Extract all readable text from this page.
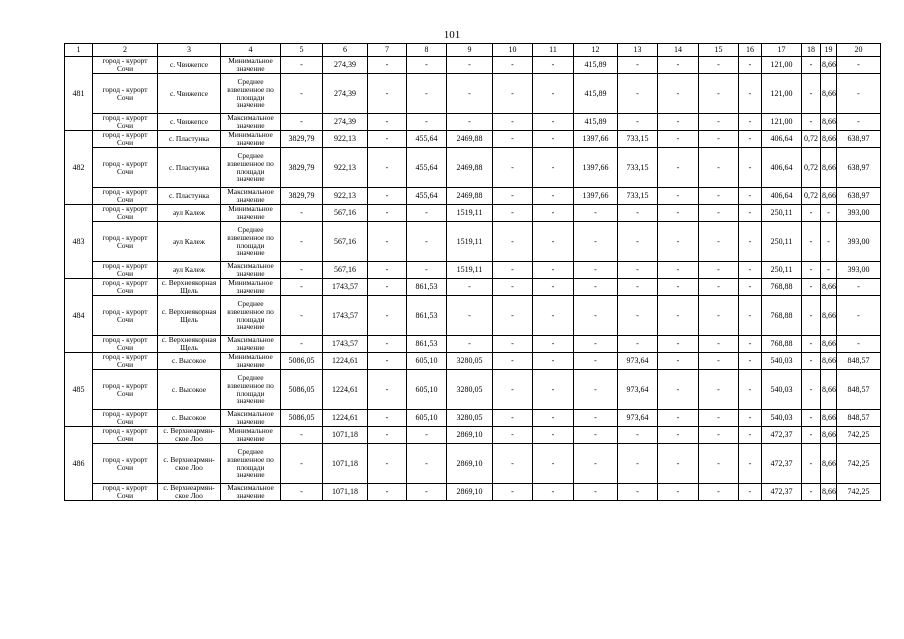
101
1	2	3	4	5	6	7	8	9	10	11	12	13	14	15	16	17	18	19	20
481	город - курорт Сочи	с. Чвижепсе	Минимальное значение	-	274,39	-	-	-	-	-	415,89	-	-	-	-	121,00	-	8,66	-
	город - курорт Сочи	с. Чвижепсе	Среднее взвешенное по площади значение	-	274,39	-	-	-	-	-	415,89	-	-	-	-	121,00	-	8,66	-
	город - курорт Сочи	с. Чвижепсе	Максимальное значение	-	274,39	-	-	-	-	-	415,89	-	-	-	-	121,00	-	8,66	-
482	город - курорт Сочи	с. Пластунка	Минимальное значение	3829,79	922,13	-	455,64	2469,88	-	-	1397,66	733,15	-	-	-	406,64	0,72	8,66	638,97
	город - курорт Сочи	с. Пластунка	Среднее взвешенное по площади значение	3829,79	922,13	-	455,64	2469,88	-	-	1397,66	733,15	-	-	-	406,64	0,72	8,66	638,97
	город - курорт Сочи	с. Пластунка	Максимальное значение	3829,79	922,13	-	455,64	2469,88	-	-	1397,66	733,15	-	-	-	406,64	0,72	8,66	638,97
483	город - курорт Сочи	аул Калеж	Минимальное значение	-	567,16	-	-	1519,11	-	-	-	-	-	-	-	250,11	-	-	393,00
	город - курорт Сочи	аул Калеж	Среднее взвешенное по площади значение	-	567,16	-	-	1519,11	-	-	-	-	-	-	-	250,11	-	-	393,00
	город - курорт Сочи	аул Калеж	Максимальное значение	-	567,16	-	-	1519,11	-	-	-	-	-	-	-	250,11	-	-	393,00
484	город - курорт Сочи	с. Верхнеякорная Щель	Минимальное значение	-	1743,57	-	861,53	-	-	-	-	-	-	-	-	768,88	-	8,66	-
	город - курорт Сочи	с. Верхнеякорная Щель	Среднее взвешенное по площади значение	-	1743,57	-	861,53	-	-	-	-	-	-	-	-	768,88	-	8,66	-
	город - курорт Сочи	с. Верхнеякорная Щель	Максимальное значение	-	1743,57	-	861,53	-	-	-	-	-	-	-	-	768,88	-	8,66	-
485	город - курорт Сочи	с. Высокое	Минимальное значение	5086,05	1224,61	-	605,10	3280,05	-	-	-	973,64	-	-	-	540,03	-	8,66	848,57
	город - курорт Сочи	с. Высокое	Среднее взвешенное по площади значение	5086,05	1224,61	-	605,10	3280,05	-	-	-	973,64	-	-	-	540,03	-	8,66	848,57
	город - курорт Сочи	с. Высокое	Максимальное значение	5086,05	1224,61	-	605,10	3280,05	-	-	-	973,64	-	-	-	540,03	-	8,66	848,57
486	город - курорт Сочи	с. Верхнеармян-ское Лоо	Минимальное значение	-	1071,18	-	-	2869,10	-	-	-	-	-	-	-	472,37	-	8,66	742,25
	город - курорт Сочи	с. Верхнеармян-ское Лоо	Среднее взвешенное по площади значение	-	1071,18	-	-	2869,10	-	-	-	-	-	-	-	472,37	-	8,66	742,25
	город - курорт Сочи	с. Верхнеармян-ское Лоо	Максимальное значение	-	1071,18	-	-	2869,10	-	-	-	-	-	-	-	472,37	-	8,66	742,25
